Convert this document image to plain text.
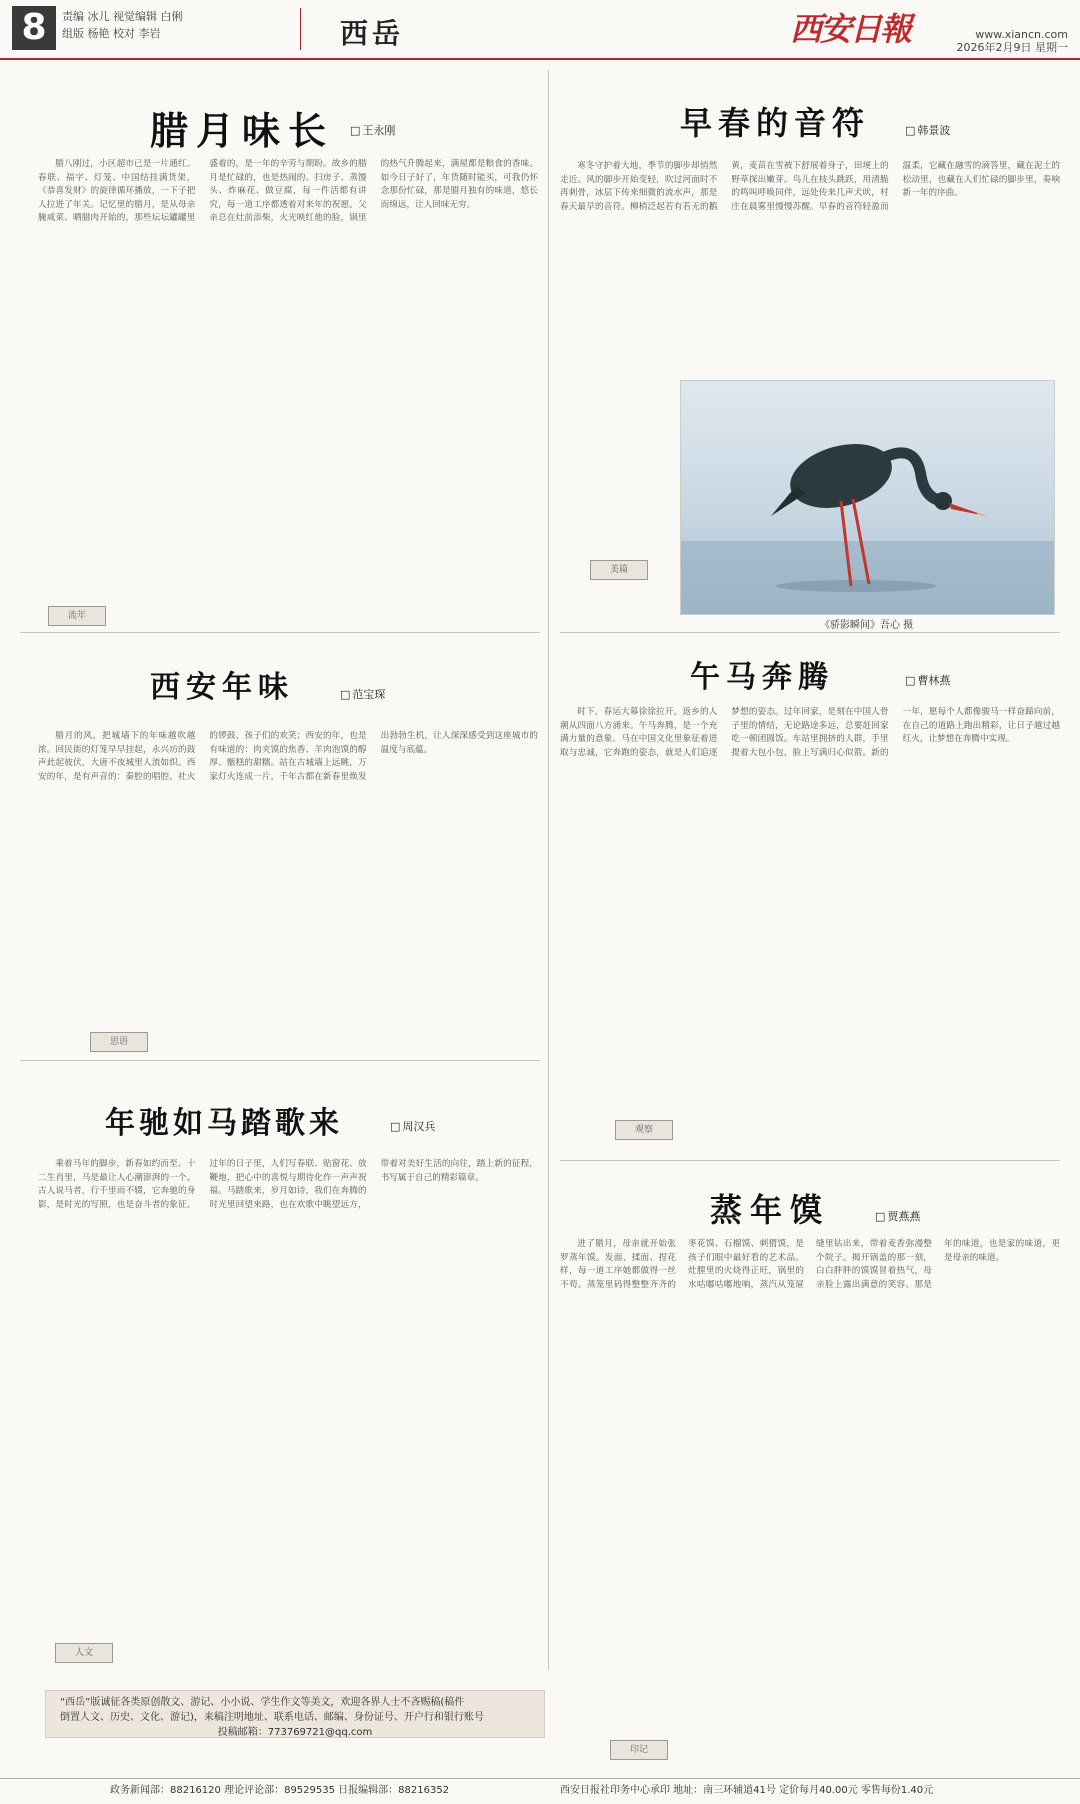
8	责编 冰儿 视觉编辑 白俐
组版 杨艳 校对 李岩	西岳	西安日報	www.xiancn.com
2026年2月9日 星期一
腊月味长	□ 王永刚

腊八刚过，小区超市已是一片通红。春联、福字、灯笼、中国结挂满货架，《恭喜发财》的旋律循环播放，一下子把人拉进了年关。记忆里的腊月，是从母亲腌咸菜、晒腊肉开始的，那些坛坛罐罐里盛着的，是一年的辛劳与期盼。故乡的腊月是忙碌的，也是热闹的。扫房子、蒸馒头、炸麻花、做豆腐，每一件活都有讲究，每一道工序都透着对来年的祝愿。父亲总在灶前添柴，火光映红他的脸，锅里的热气升腾起来，满屋都是粮食的香味。如今日子好了，年货随时能买，可我仍怀念那份忙碌，那是腊月独有的味道，悠长而绵远，让人回味无穷。

流年
早春的音符	□ 韩景波

寒冬守护着大地，季节的脚步却悄然走近。风的脚步开始变轻，吹过河面时不再刺骨，冰层下传来细微的流水声，那是春天最早的音符。柳梢泛起若有若无的鹅黄，麦苗在雪被下舒展着身子，田埂上的野草探出嫩芽。鸟儿在枝头跳跃，用清脆的鸣叫呼唤同伴，远处传来几声犬吠，村庄在晨雾里慢慢苏醒。早春的音符轻盈而温柔，它藏在融雪的滴答里，藏在泥土的松动里，也藏在人们忙碌的脚步里，奏响新一年的序曲。

《骄影瞬间》吾心 摄
美篇
午马奔腾	□ 曹林燕

时下，春运大幕徐徐拉开，返乡的人潮从四面八方涌来。午马奔腾，是一个充满力量的意象。马在中国文化里象征着进取与忠诚，它奔跑的姿态，就是人们追逐梦想的姿态。过年回家，是刻在中国人骨子里的情结，无论路途多远，总要赶回家吃一顿团圆饭。车站里拥挤的人群，手里提着大包小包，脸上写满归心似箭。新的一年，愿每个人都像骏马一样奋蹄向前，在自己的道路上跑出精彩，让日子越过越红火，让梦想在奔腾中实现。

观察
西安年味	□ 范宝琛

腊月的风，把城墙下的年味越吹越浓。回民街的灯笼早早挂起，永兴坊的鼓声此起彼伏，大唐不夜城里人流如织。西安的年，是有声音的：秦腔的唱腔、社火的锣鼓、孩子们的欢笑；西安的年，也是有味道的：肉夹馍的焦香、羊肉泡馍的醇厚、甑糕的甜糯。站在古城墙上远眺，万家灯火连成一片，千年古都在新春里焕发出勃勃生机，让人深深感受到这座城市的温度与底蕴。

思语
年驰如马踏歌来	□ 周汉兵

乘着马年的脚步，新春如约而至。十二生肖里，马是最让人心潮澎湃的一个。古人说马者，行千里而不辍，它奔驰的身影，是时光的写照，也是奋斗者的象征。过年的日子里，人们写春联、贴窗花、放鞭炮，把心中的喜悦与期待化作一声声祝福。马踏歌来，岁月如诗，我们在奔腾的时光里回望来路，也在欢歌中眺望远方，带着对美好生活的向往，踏上新的征程，书写属于自己的精彩篇章。

人文
蒸年馍	□ 贾燕燕

进了腊月，母亲就开始张罗蒸年馍。发面、揉面、捏花样，每一道工序她都做得一丝不苟。蒸笼里码得整整齐齐的枣花馍、石榴馍、刺猬馍，是孩子们眼中最好看的艺术品。灶膛里的火烧得正旺，锅里的水咕嘟咕嘟地响，蒸汽从笼屉缝里钻出来，带着麦香弥漫整个院子。揭开锅盖的那一刻，白白胖胖的馍馍冒着热气，母亲脸上露出满意的笑容。那是年的味道，也是家的味道，更是母亲的味道。

印记
“西岳”版诚征各类原创散文、游记、小小说、学生作文等美文，欢迎各界人士不吝赐稿(稿件
倒置人文、历史、文化、游记)，来稿注明地址、联系电话、邮编、身份证号、开户行和银行账号
投稿邮箱：773769721@qq.com
政务新闻部：88216120 理论评论部：89529535 日报编辑部：88216352	西安日报社印务中心承印 地址：南三环辅道41号 定价每月40.00元 零售每份1.40元
